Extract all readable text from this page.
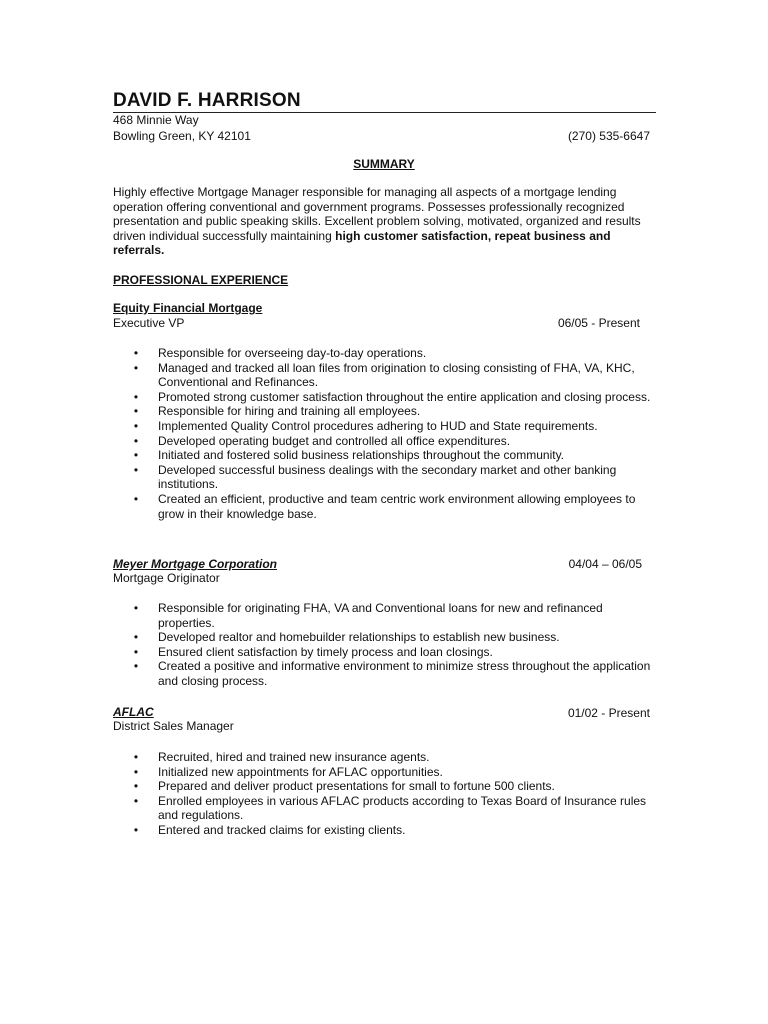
DAVID F. HARRISON
468 Minnie Way
Bowling Green, KY 42101	(270) 535-6647
SUMMARY

Highly effective Mortgage Manager responsible for managing all aspects of a mortgage lending operation offering conventional and government programs. Possesses professionally recognized presentation and public speaking skills. Excellent problem solving, motivated, organized and results driven individual successfully maintaining high customer satisfaction, repeat business and referrals.

PROFESSIONAL EXPERIENCE
Equity Financial Mortgage
Executive VP	06/05 - Present
• Responsible for overseeing day-to-day operations.
• Managed and tracked all loan files from origination to closing consisting of FHA, VA, KHC, Conventional and Refinances.
• Promoted strong customer satisfaction throughout the entire application and closing process.
• Responsible for hiring and training all employees.
• Implemented Quality Control procedures adhering to HUD and State requirements.
• Developed operating budget and controlled all office expenditures.
• Initiated and fostered solid business relationships throughout the community.
• Developed successful business dealings with the secondary market and other banking institutions.
• Created an efficient, productive and team centric work environment allowing employees to grow in their knowledge base.
Meyer Mortgage Corporation
Mortgage Originator
04/04 – 06/05
• Responsible for originating FHA, VA and Conventional loans for new and refinanced properties.
• Developed realtor and homebuilder relationships to establish new business.
• Ensured client satisfaction by timely process and loan closings.
• Created a positive and informative environment to minimize stress throughout the application and closing process.
AFLAC
District Sales Manager
01/02 - Present
• Recruited, hired and trained new insurance agents.
• Initialized new appointments for AFLAC opportunities.
• Prepared and deliver product presentations for small to fortune 500 clients.
• Enrolled employees in various AFLAC products according to Texas Board of Insurance rules and regulations.
• Entered and tracked claims for existing clients.
